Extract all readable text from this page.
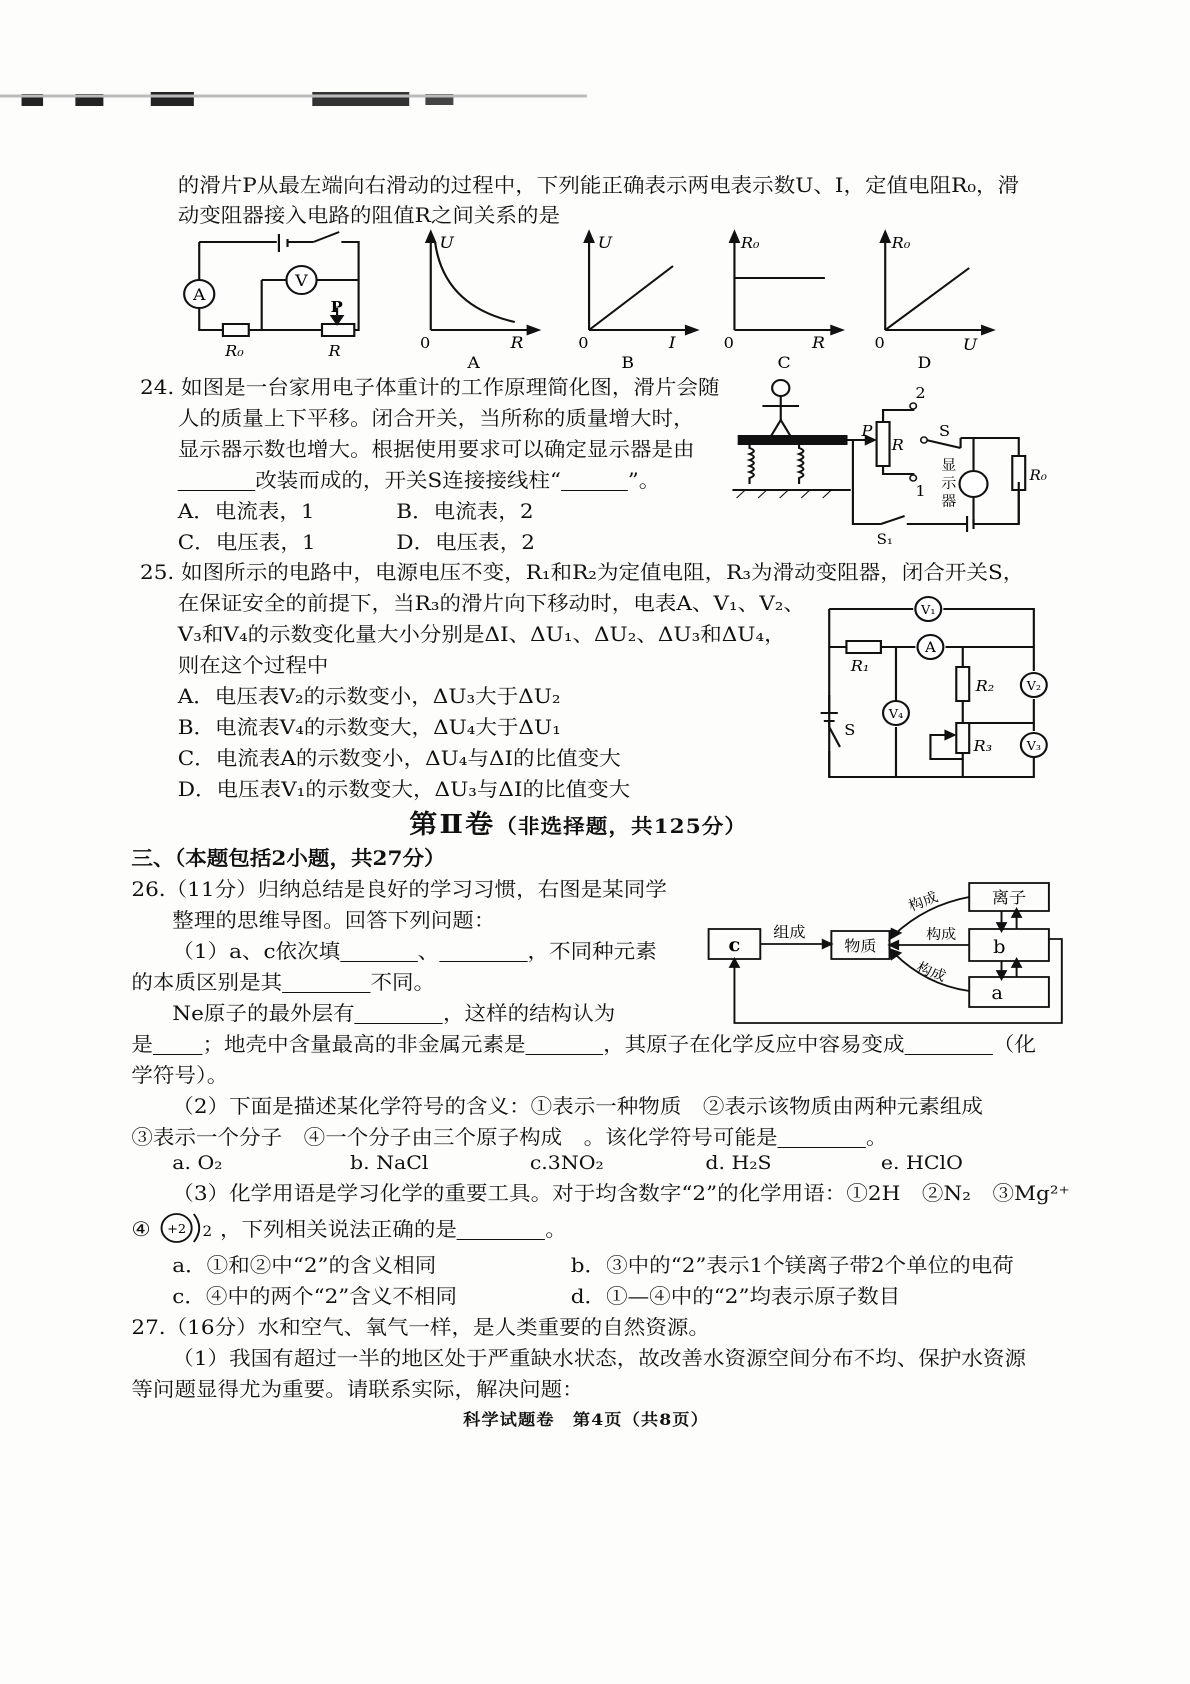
的滑片P从最左端向右滑动的过程中，下列能正确表示两电表示数U、I，定值电阻R₀，滑
动变阻器接入电路的阻值R之间关系的是
A
V
R₀	R
P
U
0	R
A
U
0	I
B
R₀
0	R
C
R₀
0	U
D
24. 如图是一台家用电子体重计的工作原理简化图，滑片会随
人的质量上下平移。闭合开关，当所称的质量增大时，
显示器示数也增大。根据使用要求可以确定显示器是由
改装而成的，开关S连接接线柱“	”。
A．电流表，1	B．电流表，2
C．电压表，1	D．电压表，2
P
R
2
1
S
S₁
R₀
显
示
器
25. 如图所示的电路中，电源电压不变，R₁和R₂为定值电阻，R₃为滑动变阻器，闭合开关S，
在保证安全的前提下，当R₃的滑片向下移动时，电表A、V₁、V₂、
V₃和V₄的示数变化量大小分别是ΔI、ΔU₁、ΔU₂、ΔU₃和ΔU₄，
则在这个过程中
A．电压表V₂的示数变小，ΔU₃大于ΔU₂
B．电流表V₄的示数变大，ΔU₄大于ΔU₁
C．电流表A的示数变小，ΔU₄与ΔI的比值变大
D．电压表V₁的示数变大，ΔU₃与ΔI的比值变大
V₁
A
V₂
V₄
V₃
R₁
R₂
R₃
S
第Ⅱ卷（非选择题，共125分）
三、（本题包括2小题，共27分）
26.（11分）归纳总结是良好的学习习惯，右图是某同学
整理的思维导图。回答下列问题：
（1）a、c依次填	、	，不同种元素
的本质区别是其	不同。
Ne原子的最外层有	，这样的结构认为
是 ；地壳中含量最高的非金属元素是	，其原子在化学反应中容易变成	（化
学符号）。
（2）下面是描述某化学符号的含义：①表示一种物质　②表示该物质由两种元素组成
③表示一个分子　④一个分子由三个原子构成　。该化学符号可能是	。
a. O₂	b. NaCl	c.3NO₂	d. H₂S	e. HClO
（3）化学用语是学习化学的重要工具。对于均含数字“2”的化学用语：①2H　②N₂　③Mg²⁺
④ +2 2 ，下列相关说法正确的是	。
a．①和②中“2”的含义相同	b．③中的“2”表示1个镁离子带2个单位的电荷
c．④中的两个“2”含义不相同	d．①—④中的“2”均表示原子数目
离子
b
a
物质
c
组成
构成
构成
构成
27.（16分）水和空气、氧气一样，是人类重要的自然资源。
（1）我国有超过一半的地区处于严重缺水状态，故改善水资源空间分布不均、保护水资源
等问题显得尤为重要。请联系实际，解决问题：
科学试题卷　第4页（共8页）
